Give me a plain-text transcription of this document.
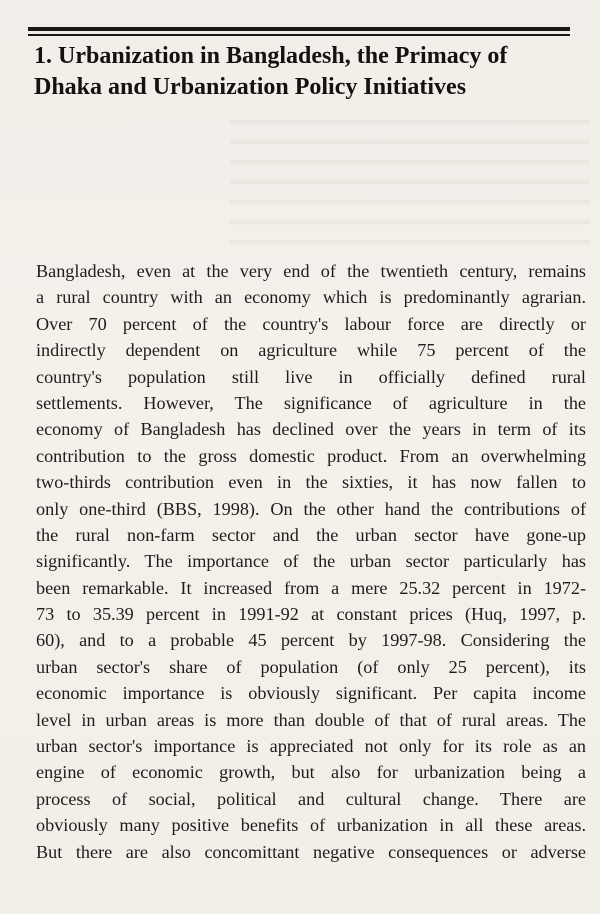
1. Urbanization in Bangladesh, the Primacy of
Dhaka and Urbanization Policy Initiatives
Bangladesh, even at the very end of the twentieth century, remains
a rural country with an economy which is predominantly agrarian.
Over 70 percent of the country's labour force are directly or
indirectly dependent on agriculture while 75 percent of the
country's population still live in officially defined rural
settlements. However, The significance of agriculture in the
economy of Bangladesh has declined over the years in term of its
contribution to the gross domestic product. From an overwhelming
two-thirds contribution even in the sixties, it has now fallen to
only one-third (BBS, 1998). On the other hand the contributions of
the rural non-farm sector and the urban sector have gone-up
significantly. The importance of the urban sector particularly has
been remarkable. It increased from a mere 25.32 percent in 1972-
73 to 35.39 percent in 1991-92 at constant prices (Huq, 1997, p.
60), and to a probable 45 percent by 1997-98. Considering the
urban sector's share of population (of only 25 percent), its
economic importance is obviously significant. Per capita income
level in urban areas is more than double of that of rural areas. The
urban sector's importance is appreciated not only for its role as an
engine of economic growth, but also for urbanization being a
process of social, political and cultural change. There are
obviously many positive benefits of urbanization in all these areas.
But there are also concomittant negative consequences or adverse
